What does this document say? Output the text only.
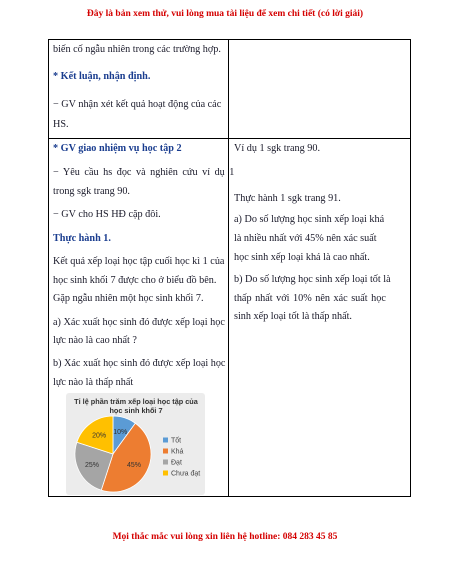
Đây là bản xem thử, vui lòng mua tài liệu để xem chi tiết (có lời giải)
biến cố ngẫu nhiên trong các trường hợp.
* Kết luận, nhận định.
− GV nhận xét kết quả hoạt động của các
HS.
* GV giao nhiệm vụ học tập 2
− Yêu cầu hs đọc và nghiên cứu ví dụ 1
trong sgk trang 90.
− GV cho HS HĐ cặp đôi.
Thực hành 1.
Kết quả xếp loại học tập cuối học kì 1 của
học sinh khối 7 được cho ở biểu đồ bên.
Gặp ngẫu nhiên một học sinh khối 7.
a) Xác xuất học sinh đó được xếp loại học
lực nào là cao nhất ?
b) Xác xuất học sinh đó được xếp loại học
lực nào là thấp nhất
Ví dụ 1 sgk trang 90.
Thực hành 1 sgk trang 91.
a) Do số lượng học sinh xếp loại khá
là nhiều nhất với 45% nên xác suất
học sinh xếp loại khá là cao nhất.
b) Do số lượng học sinh xếp loại tốt là
thấp nhất với 10% nên xác suất học
sinh xếp loại tốt là thấp nhất.
Tỉ lệ phần trăm xếp loại học tập của
học sinh khối 7
10%
45%
25%
20%
Tốt
Khá
Đạt
Chưa đạt
Mọi thắc mắc vui lòng xin liên hệ hotline: 084 283 45 85
